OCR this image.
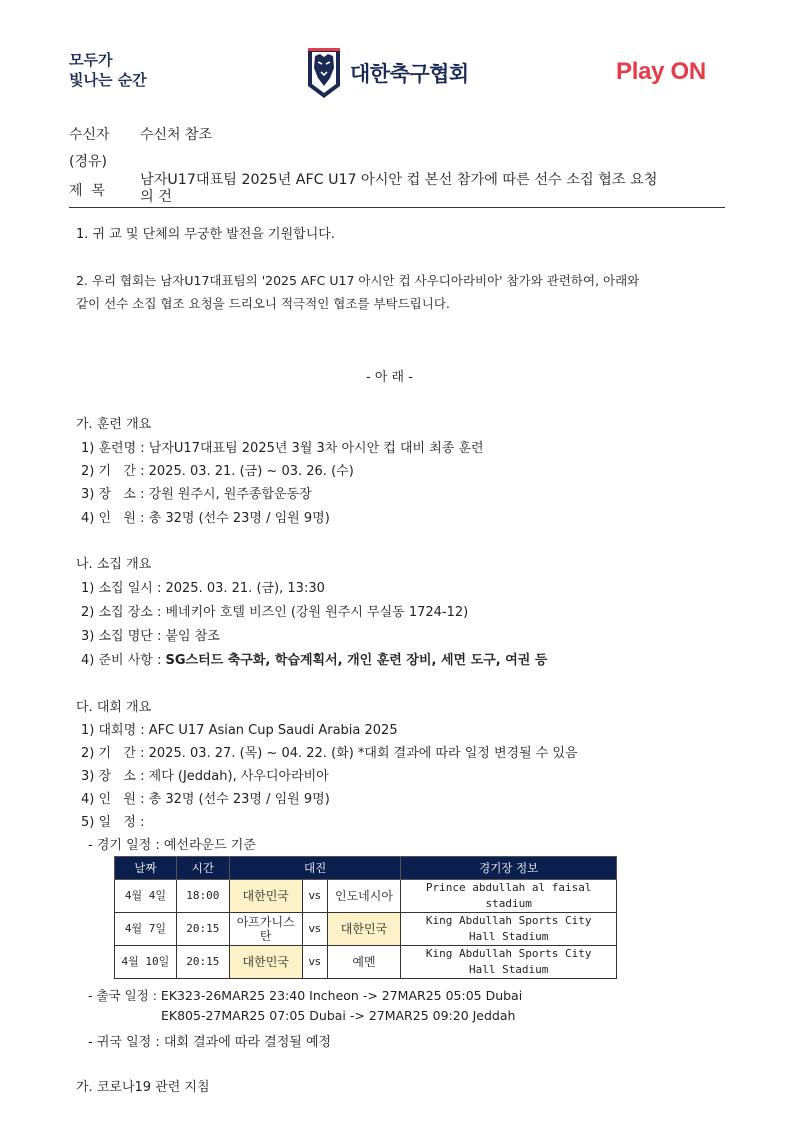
모두가
빛나는 순간	대한축구협회	Play ON
수신자 수신처 참조
(경유)
제  목
남자U17대표팀 2025년 AFC U17 아시안 컵 본선 참가에 따른 선수 소집 협조 요청
의 건
1. 귀 교 및 단체의 무궁한 발전을 기원합니다.
2. 우리 협회는 남자U17대표팀의 '2025 AFC U17 아시안 컵 사우디아라비아' 참가와 관련하여, 아래와
같이 선수 소집 협조 요청을 드리오니 적극적인 협조를 부탁드립니다.
- 아 래 -
가. 훈련 개요
1) 훈련명 : 남자U17대표팀 2025년 3월 3차 아시안 컵 대비 최종 훈련
2) 기   간 : 2025. 03. 21. (금) ~ 03. 26. (수)
3) 장   소 : 강원 원주시, 원주종합운동장
4) 인   원 : 총 32명 (선수 23명 / 임원 9명)
나. 소집 개요
1) 소집 일시 : 2025. 03. 21. (금), 13:30
2) 소집 장소 : 베네키아 호텔 비즈인 (강원 원주시 무실동 1724-12)
3) 소집 명단 : 붙임 참조
4) 준비 사항 : SG스터드 축구화, 학습계획서, 개인 훈련 장비, 세면 도구, 여권 등
다. 대회 개요
1) 대회명 : AFC U17 Asian Cup Saudi Arabia 2025
2) 기   간 : 2025. 03. 27. (목) ~ 04. 22. (화) *대회 결과에 따라 일정 변경될 수 있음
3) 장   소 : 제다 (Jeddah), 사우디아라비아
4) 인   원 : 총 32명 (선수 23명 / 임원 9명)
5) 일   정 :
- 경기 일정 : 예선라운드 기준
날짜	시간	대진			경기장 정보
4월 4일	18:00	대한민국	vs	인도네시아	Prince abdullah al faisal
stadium

4월 7일	20:15	아프가니스탄	vs	대한민국	King Abdullah Sports City
Hall Stadium

4월 10일	20:15	대한민국	vs	예멘	King Abdullah Sports City
Hall Stadium
- 출국 일정 : EK323-26MAR25 23:40 Incheon -> 27MAR25 05:05 Dubai
EK805-27MAR25 07:05 Dubai -> 27MAR25 09:20 Jeddah
- 귀국 일정 : 대회 결과에 따라 결정될 예정
가. 코로나19 관련 지침
